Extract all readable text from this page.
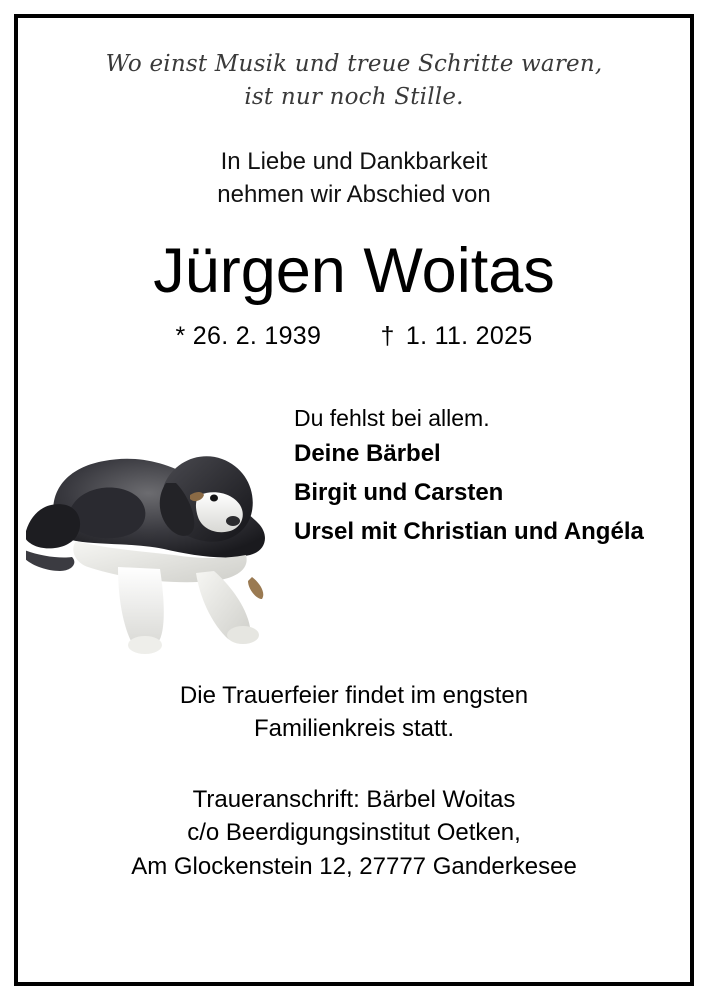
Wo einst Musik und treue Schritte waren,
ist nur noch Stille.
In Liebe und Dankbarkeit
nehmen wir Abschied von
Jürgen Woitas
* 26. 2. 1939 † 1. 11. 2025
Du fehlst bei allem.
Deine Bärbel
Birgit und Carsten
Ursel mit Christian und Angéla
Die Trauerfeier findet im engsten
Familienkreis statt.
Traueranschrift: Bärbel Woitas
c/o Beerdigungsinstitut Oetken,
Am Glockenstein 12, 27777 Ganderkesee
